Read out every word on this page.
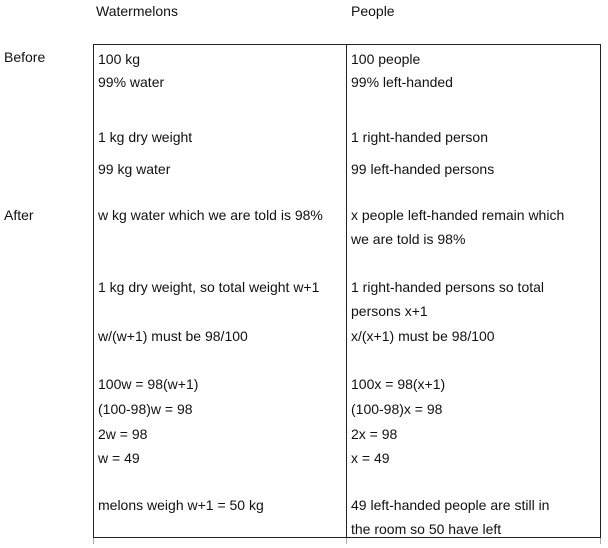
Watermelons	People
Before
After
100 kg
99% water
1 kg dry weight
99 kg water
w kg water which we are told is 98%
1 kg dry weight, so total weight w+1
w/(w+1) must be 98/100
100w = 98(w+1)
(100-98)w = 98
2w = 98
w = 49
melons weigh w+1 = 50 kg
100 people
99% left-handed
1 right-handed person
99 left-handed persons
x people left-handed remain which
we are told is 98%
1 right-handed persons so total
persons x+1
x/(x+1) must be 98/100
100x = 98(x+1)
(100-98)x = 98
2x = 98
x = 49
49 left-handed people are still in
the room so 50 have left
